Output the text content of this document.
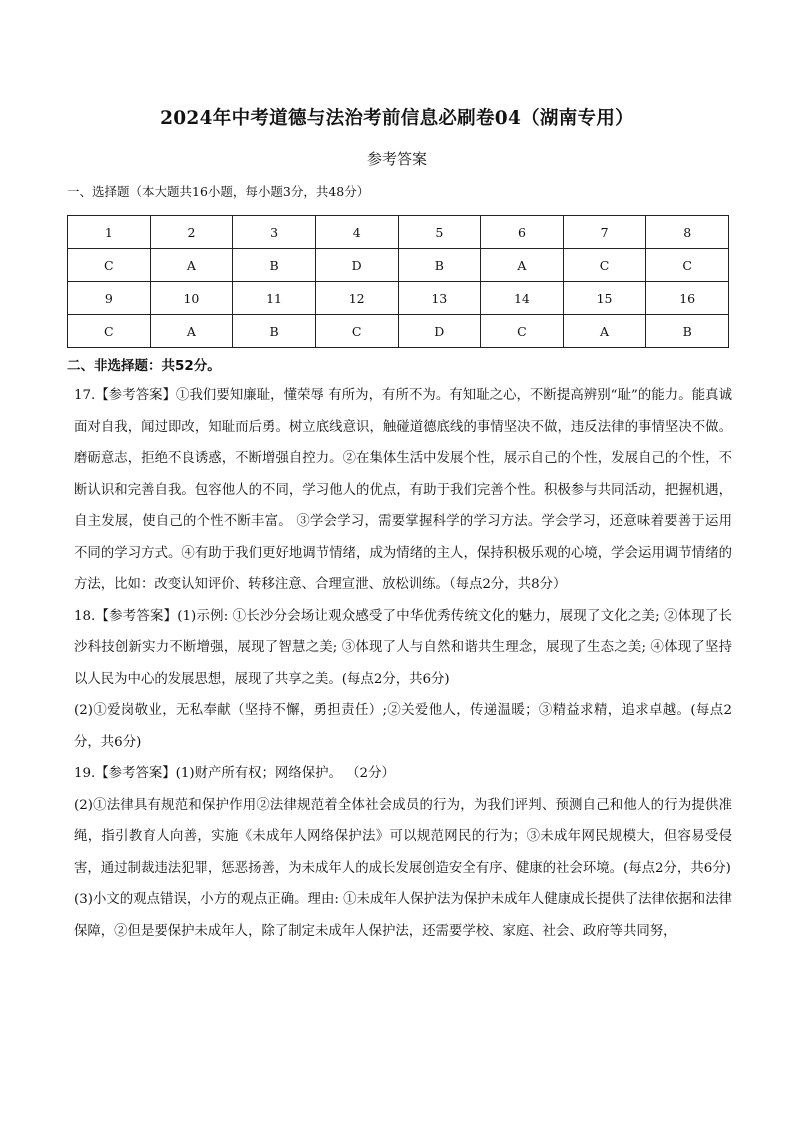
2024年中考道德与法治考前信息必刷卷04（湖南专用）
参考答案
一、选择题（本大题共16小题，每小题3分，共48分）
1	2	3	4	5	6	7	8
C	A	B	D	B	A	C	C
9	10	11	12	13	14	15	16
C	A	B	C	D	C	A	B
二、非选择题：共52分。

17.【参考答案】①我们要知廉耻，懂荣辱 有所为，有所不为。有知耻之心，不断提高辨别“耻”的能力。能真诚面对自我，闻过即改，知耻而后勇。树立底线意识，触碰道德底线的事情坚决不做，违反法律的事情坚决不做。磨砺意志，拒绝不良诱惑，不断增强自控力。②在集体生活中发展个性，展示自己的个性，发展自己的个性，不断认识和完善自我。包容他人的不同，学习他人的优点，有助于我们完善个性。积极参与共同活动，把握机遇，自主发展，使自己的个性不断丰富。 ③学会学习，需要掌握科学的学习方法。学会学习，还意味着要善于运用不同的学习方式。④有助于我们更好地调节情绪，成为情绪的主人，保持积极乐观的心境，学会运用调节情绪的方法，比如：改变认知评价、转移注意、合理宣泄、放松训练。（每点2分，共8分）

18.【参考答案】(1)示例: ①长沙分会场让观众感受了中华优秀传统文化的魅力，展现了文化之美; ②体现了长沙科技创新实力不断增强，展现了智慧之美; ③体现了人与自然和谐共生理念，展现了生态之美; ④体现了坚持以人民为中心的发展思想，展现了共享之美。(每点2分，共6分)

(2)①爱岗敬业，无私奉献（坚持不懈，勇担责任）;②关爱他人，传递温暖；③精益求精，追求卓越。(每点2分，共6分)

19.【参考答案】(1)财产所有权；网络保护。 （2分）

(2)①法律具有规范和保护作用②法律规范着全体社会成员的行为，为我们评判、预测自己和他人的行为提供准绳，指引教育人向善，实施《未成年人网络保护法》可以规范网民的行为；③未成年网民规模大，但容易受侵害，通过制裁违法犯罪，惩恶扬善，为未成年人的成长发展创造安全有序、健康的社会环境。(每点2分，共6分)

(3)小文的观点错误，小方的观点正确。理由: ①未成年人保护法为保护未成年人健康成长提供了法律依据和法律保障，②但是要保护未成年人，除了制定未成年人保护法，还需要学校、家庭、社会、政府等共同努，
